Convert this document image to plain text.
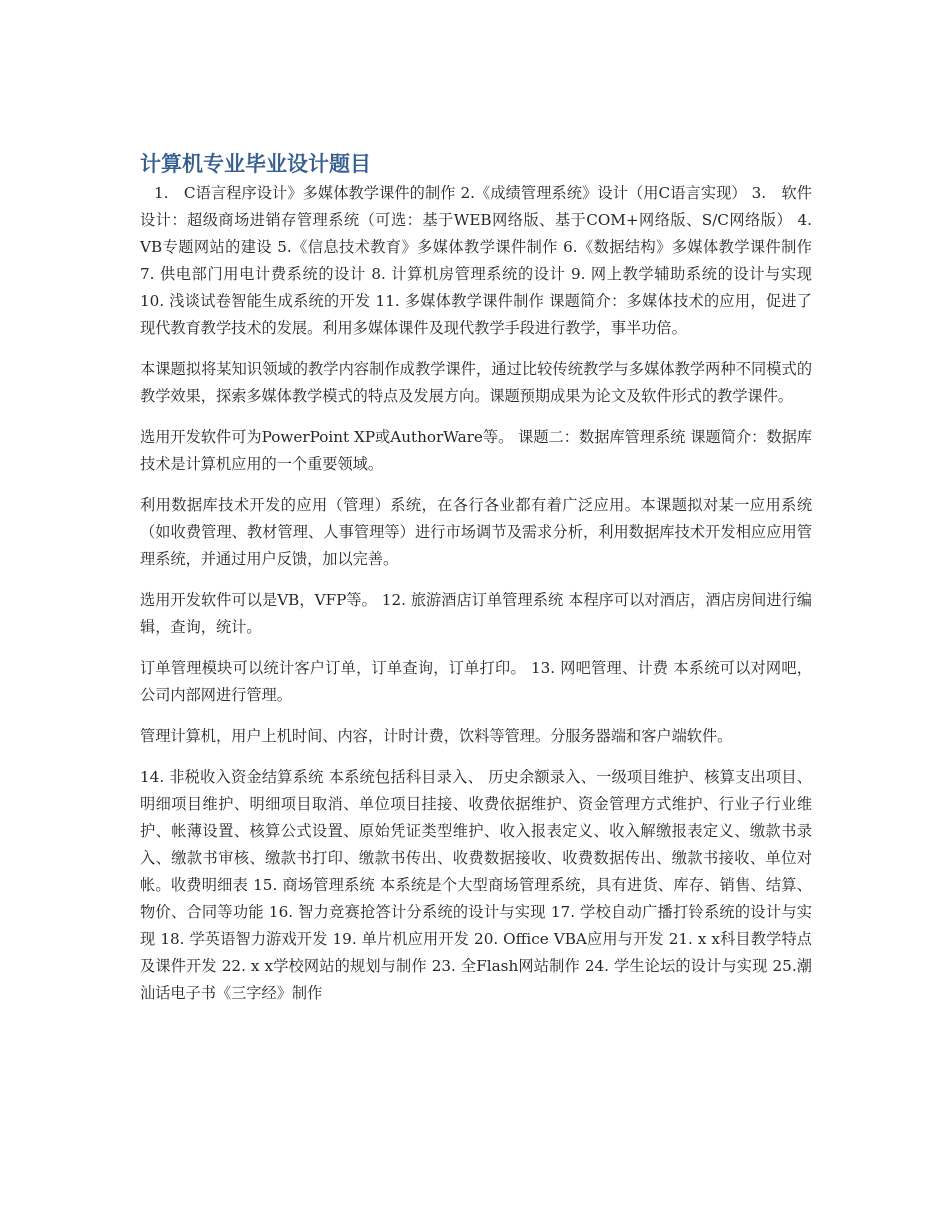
计算机专业毕业设计题目

1.　C语言程序设计》多媒体教学课件的制作 2.《成绩管理系统》设计（用C语言实现） 3.　软件设计：超级商场进销存管理系统（可选：基于WEB网络版、基于COM+网络版、S/C网络版） 4.　VB专题网站的建设 5.《信息技术教育》多媒体教学课件制作 6.《数据结构》多媒体教学课件制作 7. 供电部门用电计费系统的设计 8. 计算机房管理系统的设计 9. 网上教学辅助系统的设计与实现 10. 浅谈试卷智能生成系统的开发 11. 多媒体教学课件制作 课题简介：多媒体技术的应用，促进了现代教育教学技术的发展。利用多媒体课件及现代教学手段进行教学，事半功倍。

本课题拟将某知识领域的教学内容制作成教学课件，通过比较传统教学与多媒体教学两种不同模式的教学效果，探索多媒体教学模式的特点及发展方向。课题预期成果为论文及软件形式的教学课件。

选用开发软件可为PowerPoint XP或AuthorWare等。 课题二：数据库管理系统 课题简介：数据库技术是计算机应用的一个重要领域。

利用数据库技术开发的应用（管理）系统，在各行各业都有着广泛应用。本课题拟对某一应用系统（如收费管理、教材管理、人事管理等）进行市场调节及需求分析，利用数据库技术开发相应应用管理系统，并通过用户反馈，加以完善。

选用开发软件可以是VB，VFP等。 12. 旅游酒店订单管理系统 本程序可以对酒店，酒店房间进行编辑，查询，统计。

订单管理模块可以统计客户订单，订单查询，订单打印。 13. 网吧管理、计费 本系统可以对网吧，公司内部网进行管理。

管理计算机，用户上机时间、内容，计时计费，饮料等管理。分服务器端和客户端软件。

14. 非税收入资金结算系统 本系统包括科目录入、 历史余额录入、一级项目维护、核算支出项目、明细项目维护、明细项目取消、单位项目挂接、收费依据维护、资金管理方式维护、行业子行业维护、帐薄设置、核算公式设置、原始凭证类型维护、收入报表定义、收入解缴报表定义、缴款书录入、缴款书审核、缴款书打印、缴款书传出、收费数据接收、收费数据传出、缴款书接收、单位对帐。收费明细表 15. 商场管理系统 本系统是个大型商场管理系统，具有进货、库存、销售、结算、物价、合同等功能 16. 智力竞赛抢答计分系统的设计与实现 17. 学校自动广播打铃系统的设计与实现 18. 学英语智力游戏开发 19. 单片机应用开发 20. Office VBA应用与开发 21. x x科目教学特点及课件开发 22. x x学校网站的规划与制作 23. 全Flash网站制作 24. 学生论坛的设计与实现 25.潮汕话电子书《三字经》制作
